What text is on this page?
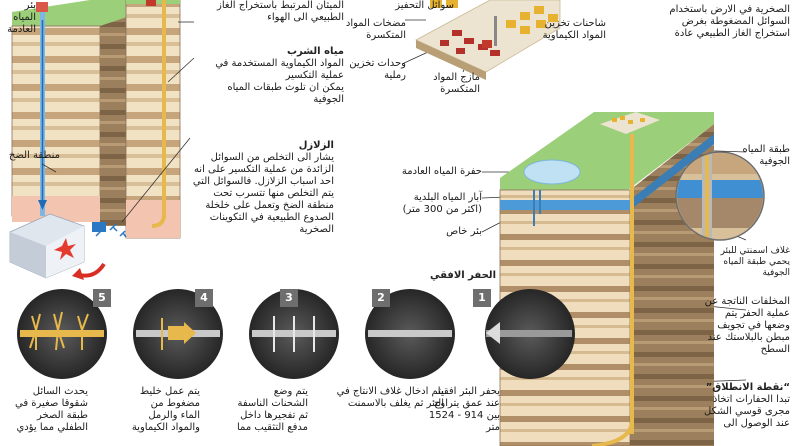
5	4	3	2	1
بئر المياه
العادمة
الميثان المرتبط باستخراج الغاز
الطبيعي الى الهواء
مياه الشرب
المواد الكيماوية المستخدمة في
عملية التكسير
يمكن ان تلوث طبقات المياه
الجوفية
منطقة الضخ
الزلازل
يشار الى التخلص من السوائل
الزائدة من عملية التكسير على انه
احد اسباب الزلازل. فالسوائل التي
يتم التخلص منها تتسرب تحت
منطقة الضخ وتعمل على خلخلة
الصدوع الطبيعية في التكوينات
الصخرية
سوائل التحفيز
مضخات المواد
المتكسرة
شاحنات تخزين
المواد الكيماوية
وحدات تخزين
رملية	مازج المواد
المتكسرة
الصخرية في الارض باستخدام
السوائل المضغوطة بغرض
استخراج الغاز الطبيعي عادة
حفرة المياه العادمة
آبار المياه البلدية
(اكثر من 300 متر)
بئر خاص
طبقة المياه
الجوفية
غلاف اسمنتي للبئر
يحمي طبقة المياه
الجوفية
المخلفات الناتجة عن
عملية الحفر يتم
وضعها في تجويف
مبطن بالبلاستك عند
السطح
“نقطة الانطلاق”
تبدا الحفارات اتخاذ
مجرى قوسي الشكل
عند الوصول الى
الحفر الافقي
يحفر البئر افقيا
عند عمق يتراوح
بين 914 - 1524
متر
يتم ادخال غلاف الانتاج في
البئر ثم يغلف بالاسمنت
يتم وضع
الشحنات الناسفة
ثم تفجيرها داخل
مدفع التثقيب مما
يتم عمل خليط
مضغوط من
الماء والرمل
والمواد الكيماوية
يحدث السائل
شقوقا صغيرة في
طبقة الصخر
الطفلي مما يؤدي
